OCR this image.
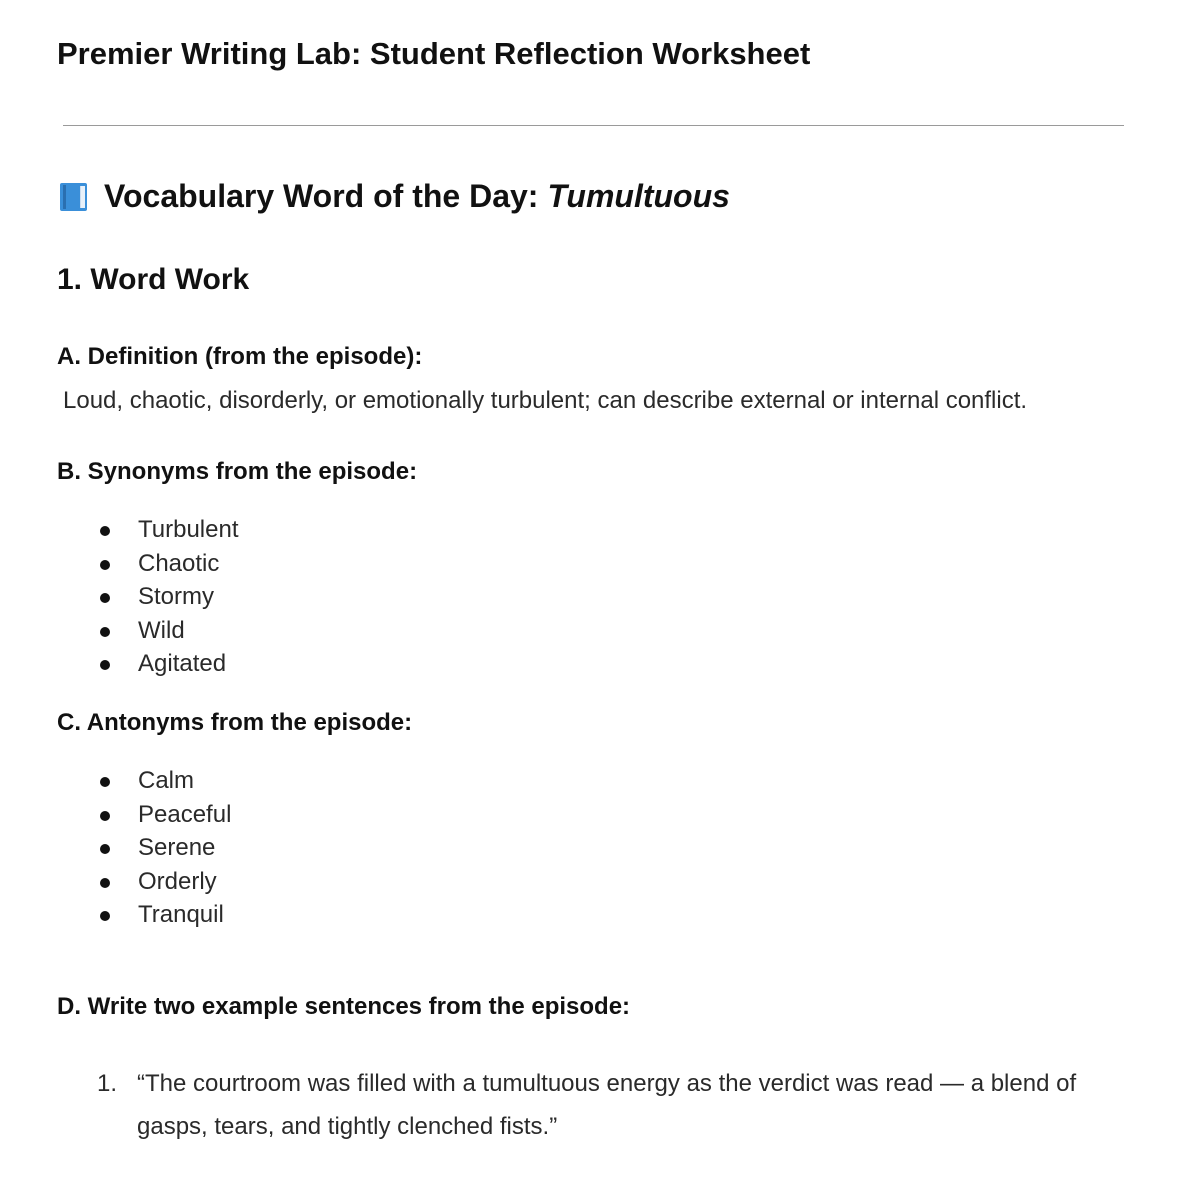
Premier Writing Lab: Student Reflection Worksheet
Vocabulary Word of the Day: Tumultuous
1. Word Work
A. Definition (from the episode):
Loud, chaotic, disorderly, or emotionally turbulent; can describe external or internal conflict.
B. Synonyms from the episode:
Turbulent
Chaotic
Stormy
Wild
Agitated
C. Antonyms from the episode:
Calm
Peaceful
Serene
Orderly
Tranquil
D. Write two example sentences from the episode:
1. “The courtroom was filled with a tumultuous energy as the verdict was read — a blend of gasps, tears, and tightly clenched fists.”
